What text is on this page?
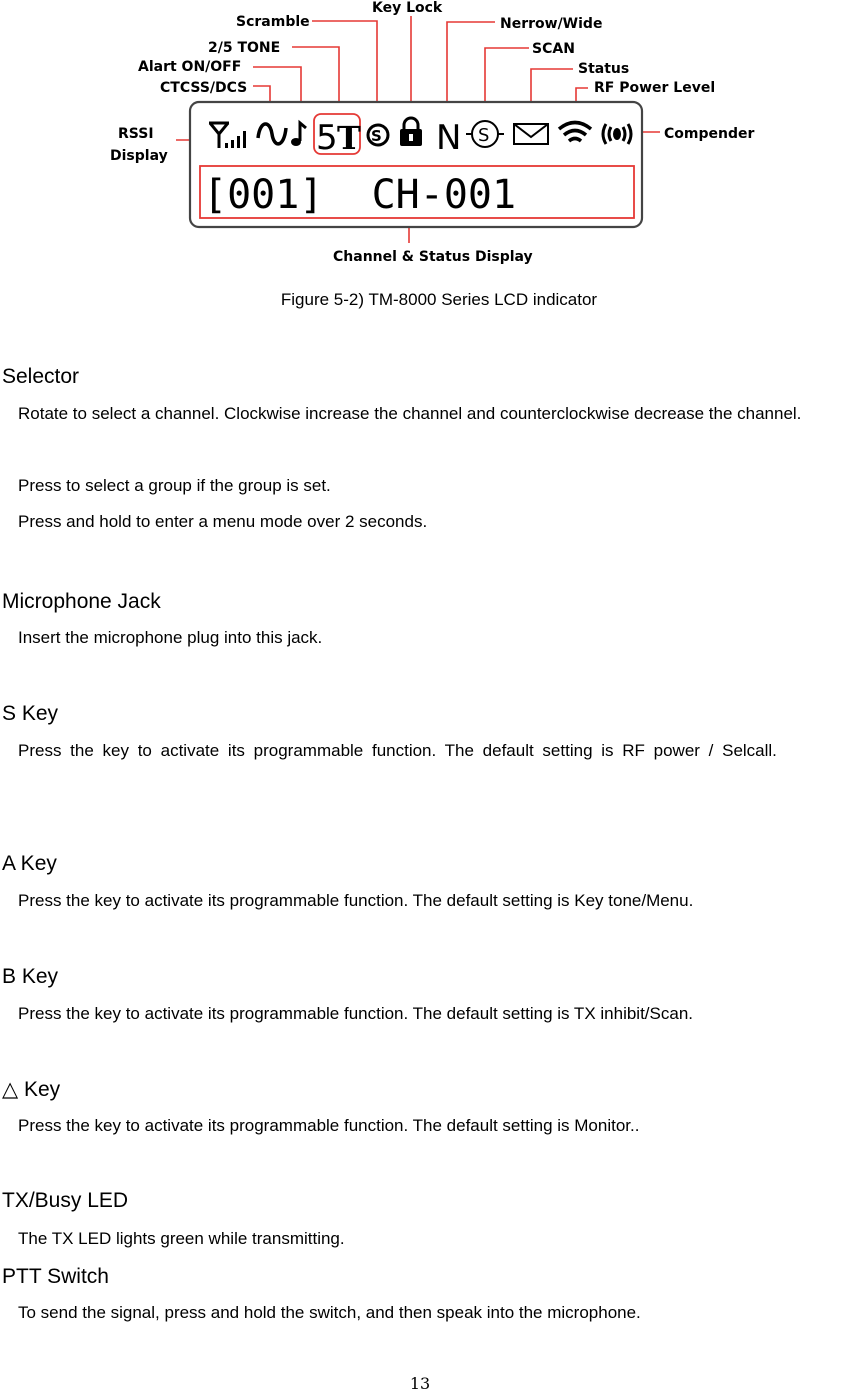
Scramble
Key Lock
Nerrow/Wide
2/5 TONE	SCAN
Alart ON/OFF	Status
CTCSS/DCS	RF Power Level
RSSI
Display
Compender
Channel & Status Display
5 T S N S
[001]  CH-001
Figure 5-2) TM-8000 Series LCD indicator
Selector
Rotate to select a channel. Clockwise increase the channel and counterclockwise decrease the channel.
Press to select a group if the group is set.
Press and hold to enter a menu mode over 2 seconds.
Microphone Jack
Insert the microphone plug into this jack.
S Key
Press the key to activate its programmable function. The default setting is RF power / Selcall.
A Key
Press the key to activate its programmable function. The default setting is Key tone/Menu.
B Key
Press the key to activate its programmable function. The default setting is TX inhibit/Scan.
△ Key
Press the key to activate its programmable function. The default setting is Monitor..
TX/Busy LED
The TX LED lights green while transmitting.
PTT Switch
To send the signal, press and hold the switch, and then speak into the microphone.
13
